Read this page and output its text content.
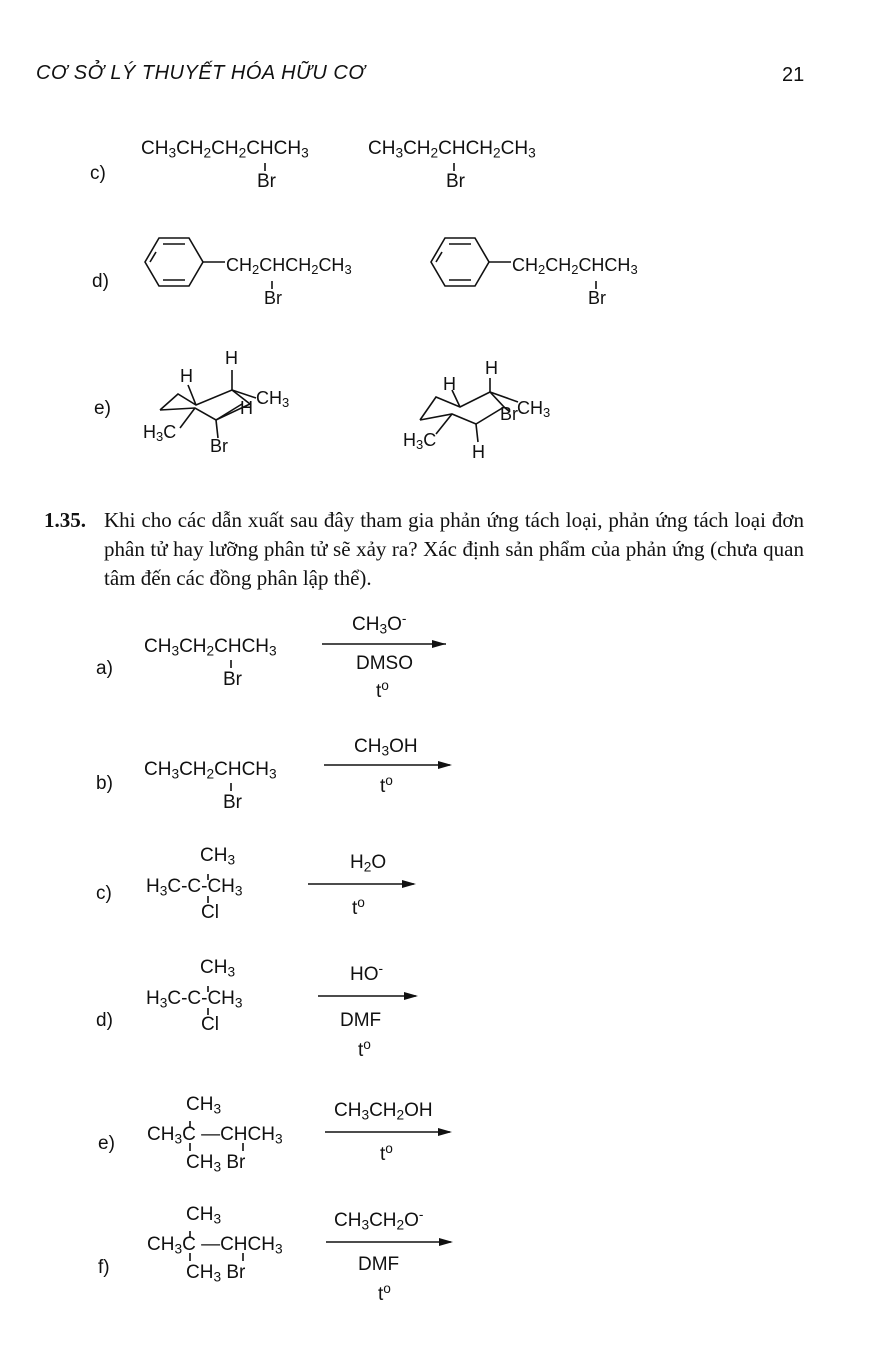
CƠ SỞ LÝ THUYẾT HÓA HỮU CƠ	21
c)
$CH_3CH_2CH_2CHCH_3$
Br
$CH_3CH_2CHCH_2CH_3$
Br
d)
$CH_2CHCH_2CH_3$
Br
$CH_2CH_2CHCH_3$
Br
e)
H
H
$CH_3$
H
$H_3C$
Br
H
H
Br $CH_3$
$H_3C$
H
1.35. Khi cho các dẫn xuất sau đây tham gia phản ứng tách loại, phản ứng tách loại đơn phân tử hay lưỡng phân tử sẽ xảy ra? Xác định sản phẩm của phản ứng (chưa quan tâm đến các đồng phân lập thể).
a)
$CH_3CH_2CHCH_3$
Br
$CH_3O^-$
DMSO
$t^o$
b)
$CH_3CH_2CHCH_3$
Br
$CH_3OH$
$t^o$
c)
$CH_3$
$H_3C-C-CH_3$
Cl
$H_2O$
$t^o$
d)
$CH_3$
$H_3C-C-CH_3$
Cl
HO-
DMF
$t^o$
e)
$CH_3$
$CH_3C$ $—CHCH_3$
$CH_3$ Br
$CH_3CH_2OH$
$t^o$
f)
$CH_3$
$CH_3C$ $—CHCH_3$
$CH_3$ Br
$CH_3CH_2O^-$
DMF
$t^o$
